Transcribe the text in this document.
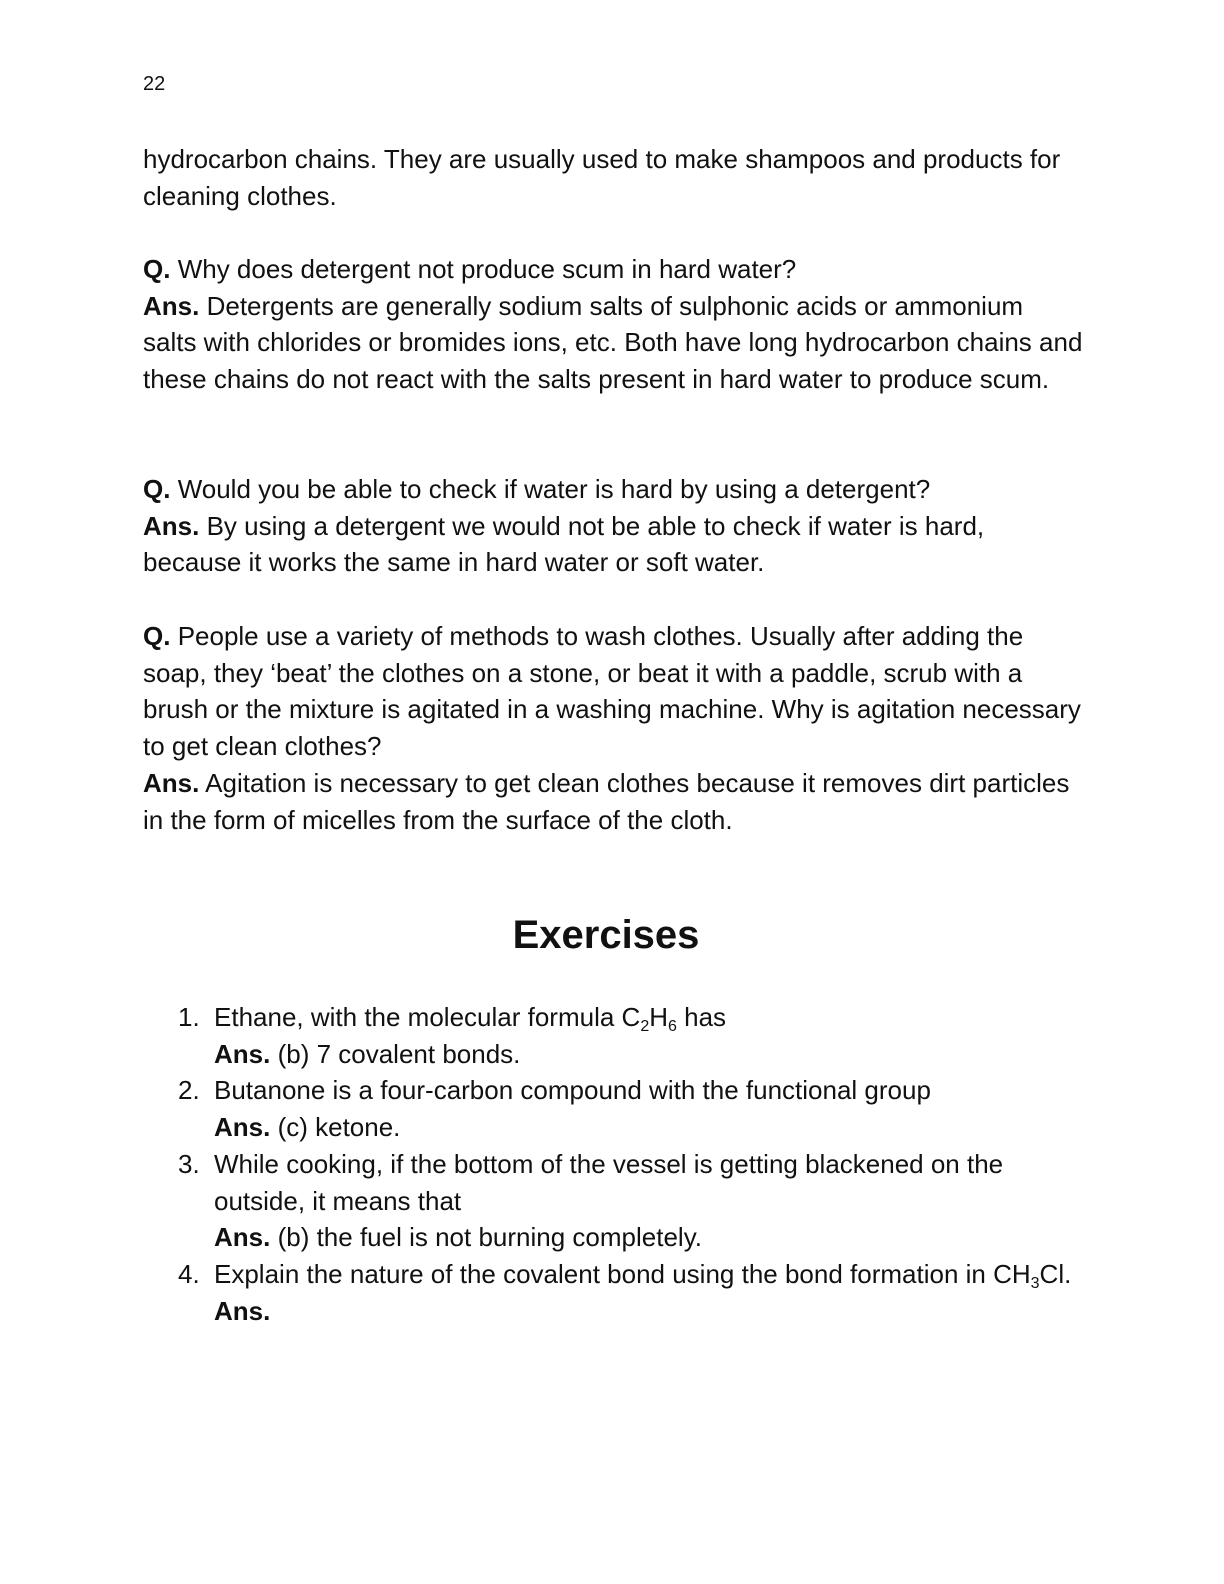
22

hydrocarbon chains. They are usually used to make shampoos and products for cleaning clothes.

Q. Why does detergent not produce scum in hard water?
Ans. Detergents are generally sodium salts of sulphonic acids or ammonium salts with chlorides or bromides ions, etc. Both have long hydrocarbon chains and these chains do not react with the salts present in hard water to produce scum.

Q. Would you be able to check if water is hard by using a detergent?
Ans. By using a detergent we would not be able to check if water is hard, because it works the same in hard water or soft water.

Q. People use a variety of methods to wash clothes. Usually after adding the soap, they ‘beat’ the clothes on a stone, or beat it with a paddle, scrub with a brush or the mixture is agitated in a washing machine. Why is agitation necessary to get clean clothes?
Ans. Agitation is necessary to get clean clothes because it removes dirt particles in the form of micelles from the surface of the cloth.

Exercises
1. Ethane, with the molecular formula $C_2H_6$ has
Ans. (b) 7 covalent bonds.
2. Butanone is a four-carbon compound with the functional group
Ans. (c) ketone.
3. While cooking, if the bottom of the vessel is getting blackened on the outside, it means that
Ans. (b) the fuel is not burning completely.
4. Explain the nature of the covalent bond using the bond formation in $CH_3Cl$.
Ans.
